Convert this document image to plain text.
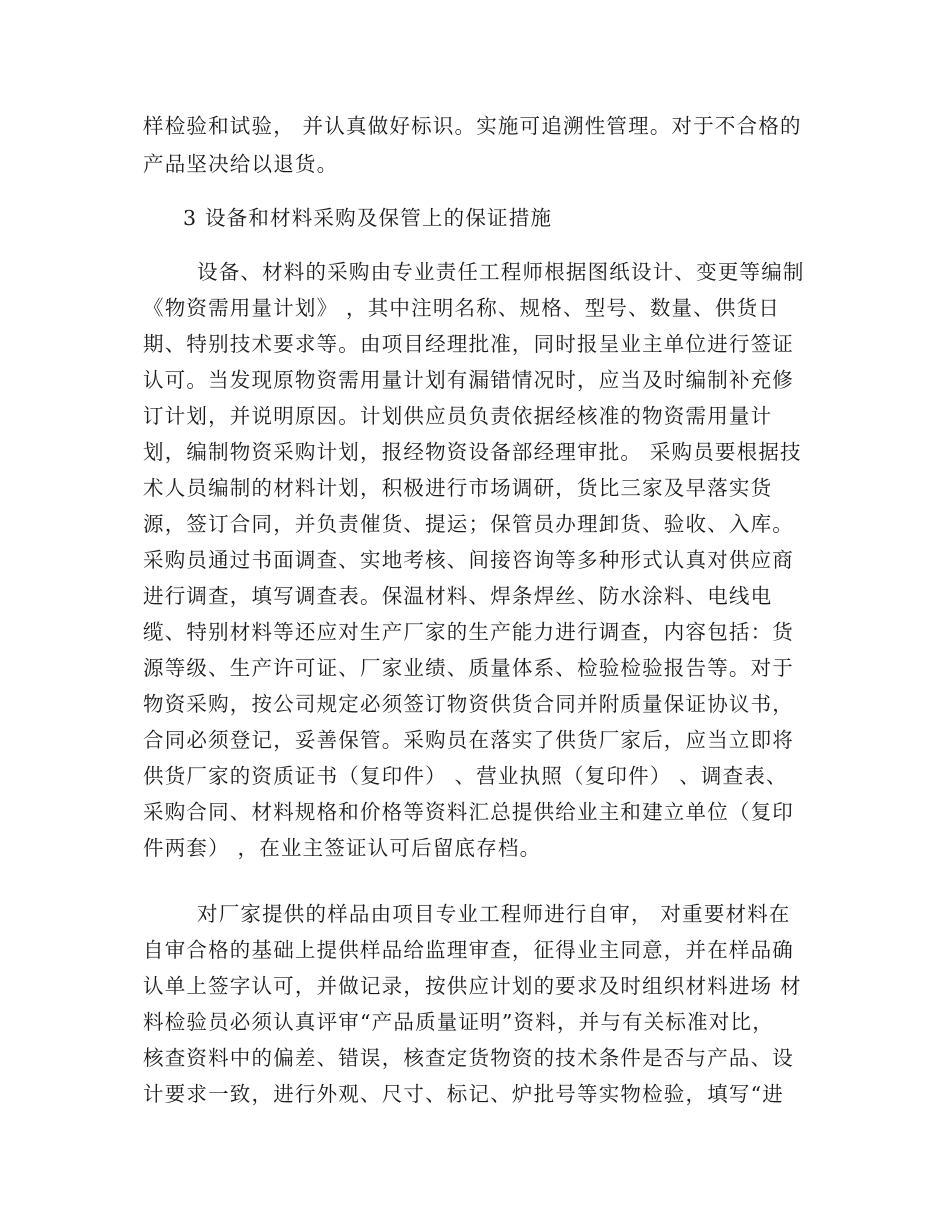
样检验和试验， 并认真做好标识。实施可追溯性管理。对于不合格的
产品坚决给以退货。
3 设备和材料采购及保管上的保证措施
设备、材料的采购由专业责任工程师根据图纸设计、变更等编制
《物资需用量计划》 ，其中注明名称、规格、型号、数量、供货日
期、特别技术要求等。由项目经理批准，同时报呈业主单位进行签证
认可。当发现原物资需用量计划有漏错情况时，应当及时编制补充修
订计划，并说明原因。计划供应员负责依据经核准的物资需用量计
划，编制物资采购计划，报经物资设备部经理审批。 采购员要根据技
术人员编制的材料计划，积极进行市场调研，货比三家及早落实货
源，签订合同，并负责催货、提运；保管员办理卸货、验收、入库。
采购员通过书面调查、实地考核、间接咨询等多种形式认真对供应商
进行调查，填写调查表。保温材料、焊条焊丝、防水涂料、电线电
缆、特别材料等还应对生产厂家的生产能力进行调查，内容包括：货
源等级、生产许可证、厂家业绩、质量体系、检验检验报告等。对于
物资采购，按公司规定必须签订物资供货合同并附质量保证协议书，
合同必须登记，妥善保管。采购员在落实了供货厂家后，应当立即将
供货厂家的资质证书（复印件） 、营业执照（复印件） 、调查表、
采购合同、材料规格和价格等资料汇总提供给业主和建立单位（复印
件两套） ，在业主签证认可后留底存档。
对厂家提供的样品由项目专业工程师进行自审， 对重要材料在
自审合格的基础上提供样品给监理审查，征得业主同意，并在样品确
认单上签字认可，并做记录，按供应计划的要求及时组织材料进场 材
料检验员必须认真评审“产品质量证明”资料，并与有关标准对比，
核查资料中的偏差、错误，核查定货物资的技术条件是否与产品、设
计要求一致，进行外观、尺寸、标记、炉批号等实物检验，填写“进
